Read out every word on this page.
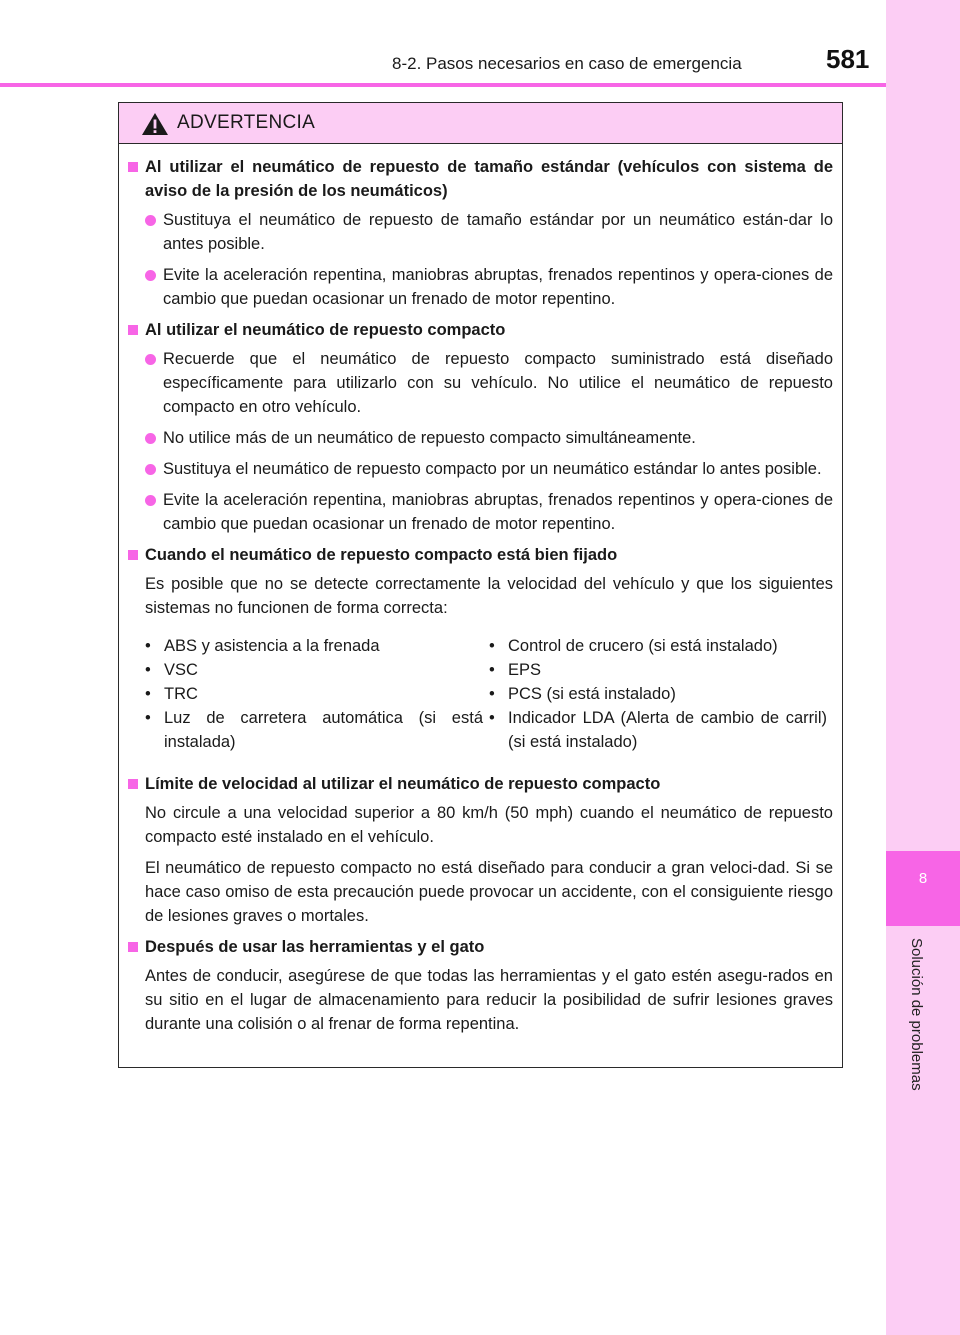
8
Solución de problemas
8-2. Pasos necesarios en caso de emergencia	581
ADVERTENCIA
Al utilizar el neumático de repuesto de tamaño estándar (vehículos con sistema de aviso de la presión de los neumáticos)
Sustituya el neumático de repuesto de tamaño estándar por un neumático están-dar lo antes posible.
Evite la aceleración repentina, maniobras abruptas, frenados repentinos y opera-ciones de cambio que puedan ocasionar un frenado de motor repentino.
Al utilizar el neumático de repuesto compacto
Recuerde que el neumático de repuesto compacto suministrado está diseñado específicamente para utilizarlo con su vehículo. No utilice el neumático de repuesto compacto en otro vehículo.
No utilice más de un neumático de repuesto compacto simultáneamente.
Sustituya el neumático de repuesto compacto por un neumático estándar lo antes posible.
Evite la aceleración repentina, maniobras abruptas, frenados repentinos y opera-ciones de cambio que puedan ocasionar un frenado de motor repentino.
Cuando el neumático de repuesto compacto está bien fijado
Es posible que no se detecte correctamente la velocidad del vehículo y que los siguientes sistemas no funcionen de forma correcta:
• ABS y asistencia a la frenada
• VSC
• TRC
• Luz de carretera automática (si está instalada)
• Control de crucero (si está instalado)
• EPS
• PCS (si está instalado)
• Indicador LDA (Alerta de cambio de carril) (si está instalado)
Límite de velocidad al utilizar el neumático de repuesto compacto
No circule a una velocidad superior a 80 km/h (50 mph) cuando el neumático de repuesto compacto esté instalado en el vehículo.
El neumático de repuesto compacto no está diseñado para conducir a gran veloci-dad. Si se hace caso omiso de esta precaución puede provocar un accidente, con el consiguiente riesgo de lesiones graves o mortales.
Después de usar las herramientas y el gato
Antes de conducir, asegúrese de que todas las herramientas y el gato estén asegu-rados en su sitio en el lugar de almacenamiento para reducir la posibilidad de sufrir lesiones graves durante una colisión o al frenar de forma repentina.
